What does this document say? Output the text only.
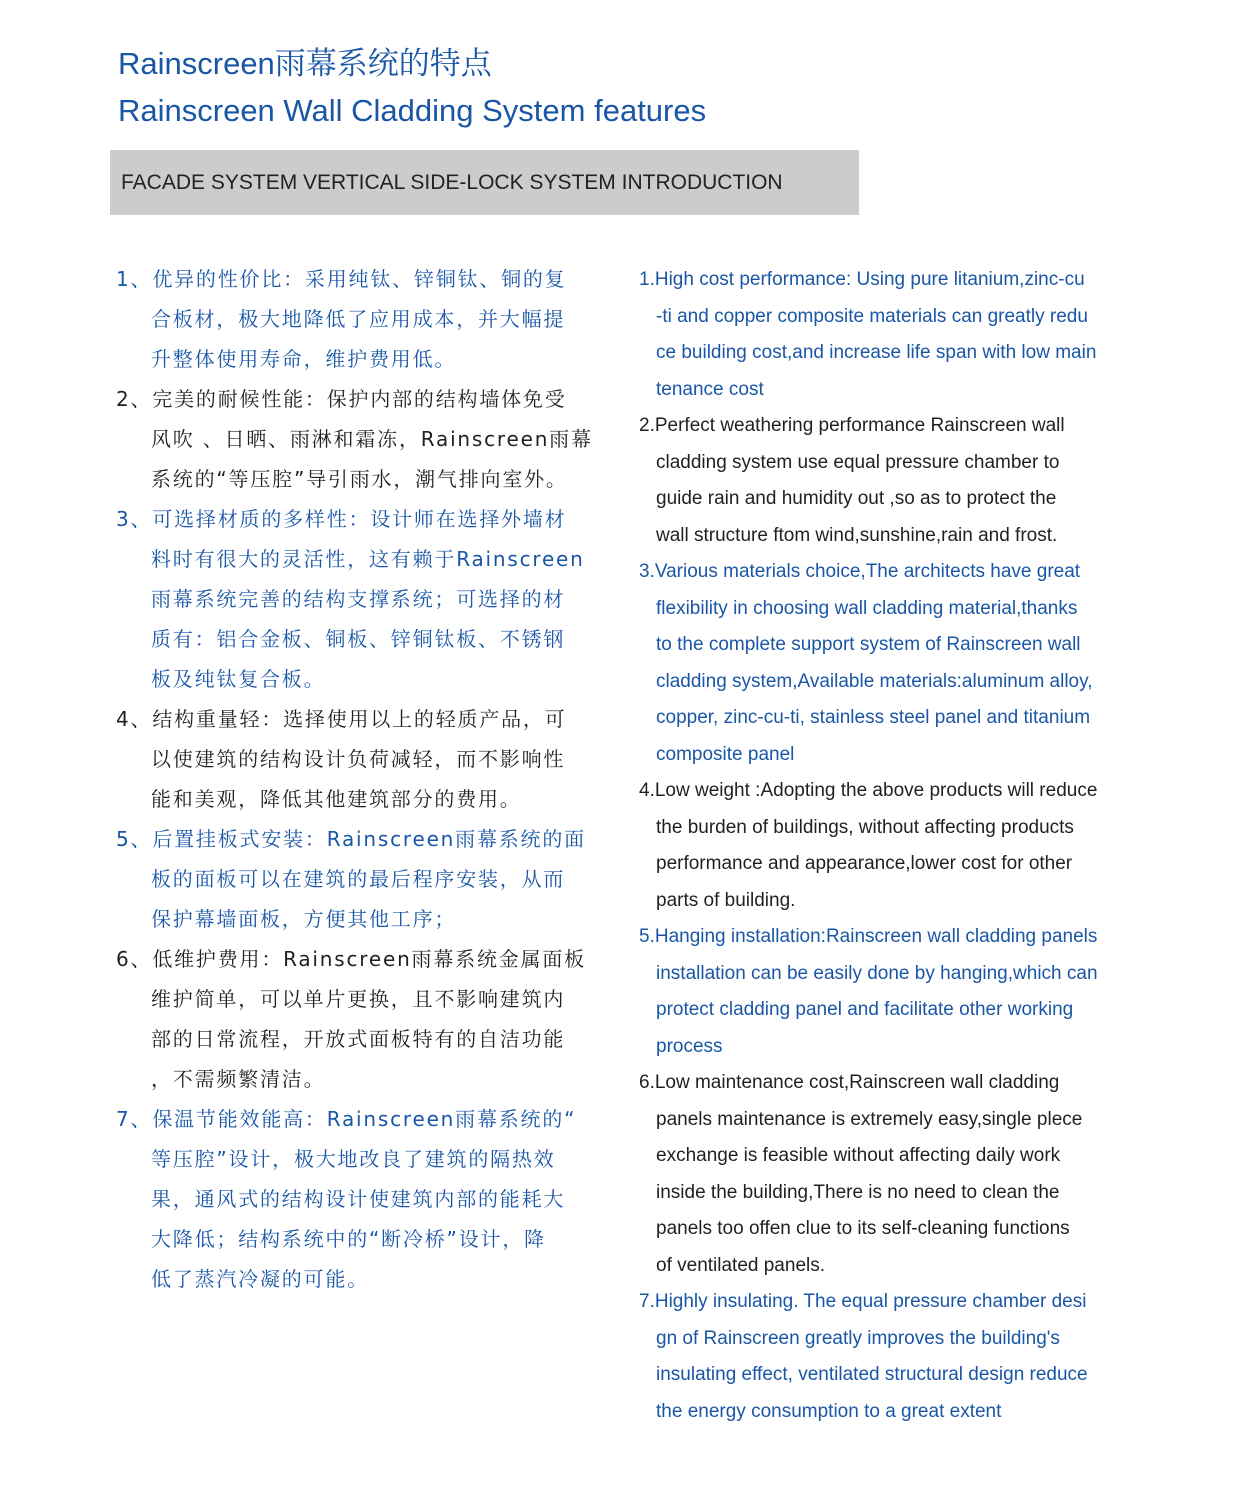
Rainscreen雨幕系统的特点
Rainscreen Wall Cladding System features
FACADE SYSTEM VERTICAL SIDE-LOCK SYSTEM INTRODUCTION
1、优异的性价比：采用纯钛、锌铜钛、铜的复
合板材，极大地降低了应用成本，并大幅提
升整体使用寿命，维护费用低。
2、完美的耐候性能：保护内部的结构墙体免受
风吹 、日晒、雨淋和霜冻，Rainscreen雨幕
系统的“等压腔”导引雨水，潮气排向室外。
3、可选择材质的多样性：设计师在选择外墙材
料时有很大的灵活性，这有赖于Rainscreen
雨幕系统完善的结构支撑系统；可选择的材
质有：铝合金板、铜板、锌铜钛板、不锈钢
板及纯钛复合板。
4、结构重量轻：选择使用以上的轻质产品，可
以使建筑的结构设计负荷减轻，而不影响性
能和美观，降低其他建筑部分的费用。
5、后置挂板式安装：Rainscreen雨幕系统的面
板的面板可以在建筑的最后程序安装，从而
保护幕墙面板，方便其他工序；
6、低维护费用：Rainscreen雨幕系统金属面板
维护简单，可以单片更换，且不影响建筑内
部的日常流程，开放式面板特有的自洁功能
，不需频繁清洁。
7、保温节能效能高：Rainscreen雨幕系统的“
等压腔”设计，极大地改良了建筑的隔热效
果，通风式的结构设计使建筑内部的能耗大
大降低；结构系统中的“断冷桥”设计，降
低了蒸汽冷凝的可能。
1.High cost performance: Using pure litanium,zinc-cu
-ti and copper composite materials can greatly redu
ce building cost,and increase life span with low main
tenance cost
2.Perfect weathering performance Rainscreen wall
cladding system use equal pressure chamber to
guide rain and humidity out ,so as to protect the
wall structure ftom wind,sunshine,rain and frost.
3.Various materials choice,The architects have great
flexibility in choosing wall cladding material,thanks
to the complete support system of Rainscreen wall
cladding system,Available materials:aluminum alloy,
copper, zinc-cu-ti, stainless steel panel and titanium
composite panel
4.Low weight :Adopting the above products will reduce
the burden of buildings, without affecting products
performance and appearance,lower cost for other
parts of building.
5.Hanging installation:Rainscreen wall cladding panels
installation can be easily done by hanging,which can
protect cladding panel and facilitate other working
process
6.Low maintenance cost,Rainscreen wall cladding
panels maintenance is extremely easy,single plece
exchange is feasible without affecting daily work
inside the building,There is no need to clean the
panels too offen clue to its self-cleaning functions
of ventilated panels.
7.Highly insulating. The equal pressure chamber desi
gn of Rainscreen greatly improves the building's
insulating effect, ventilated structural design reduce
the energy consumption to a great extent
